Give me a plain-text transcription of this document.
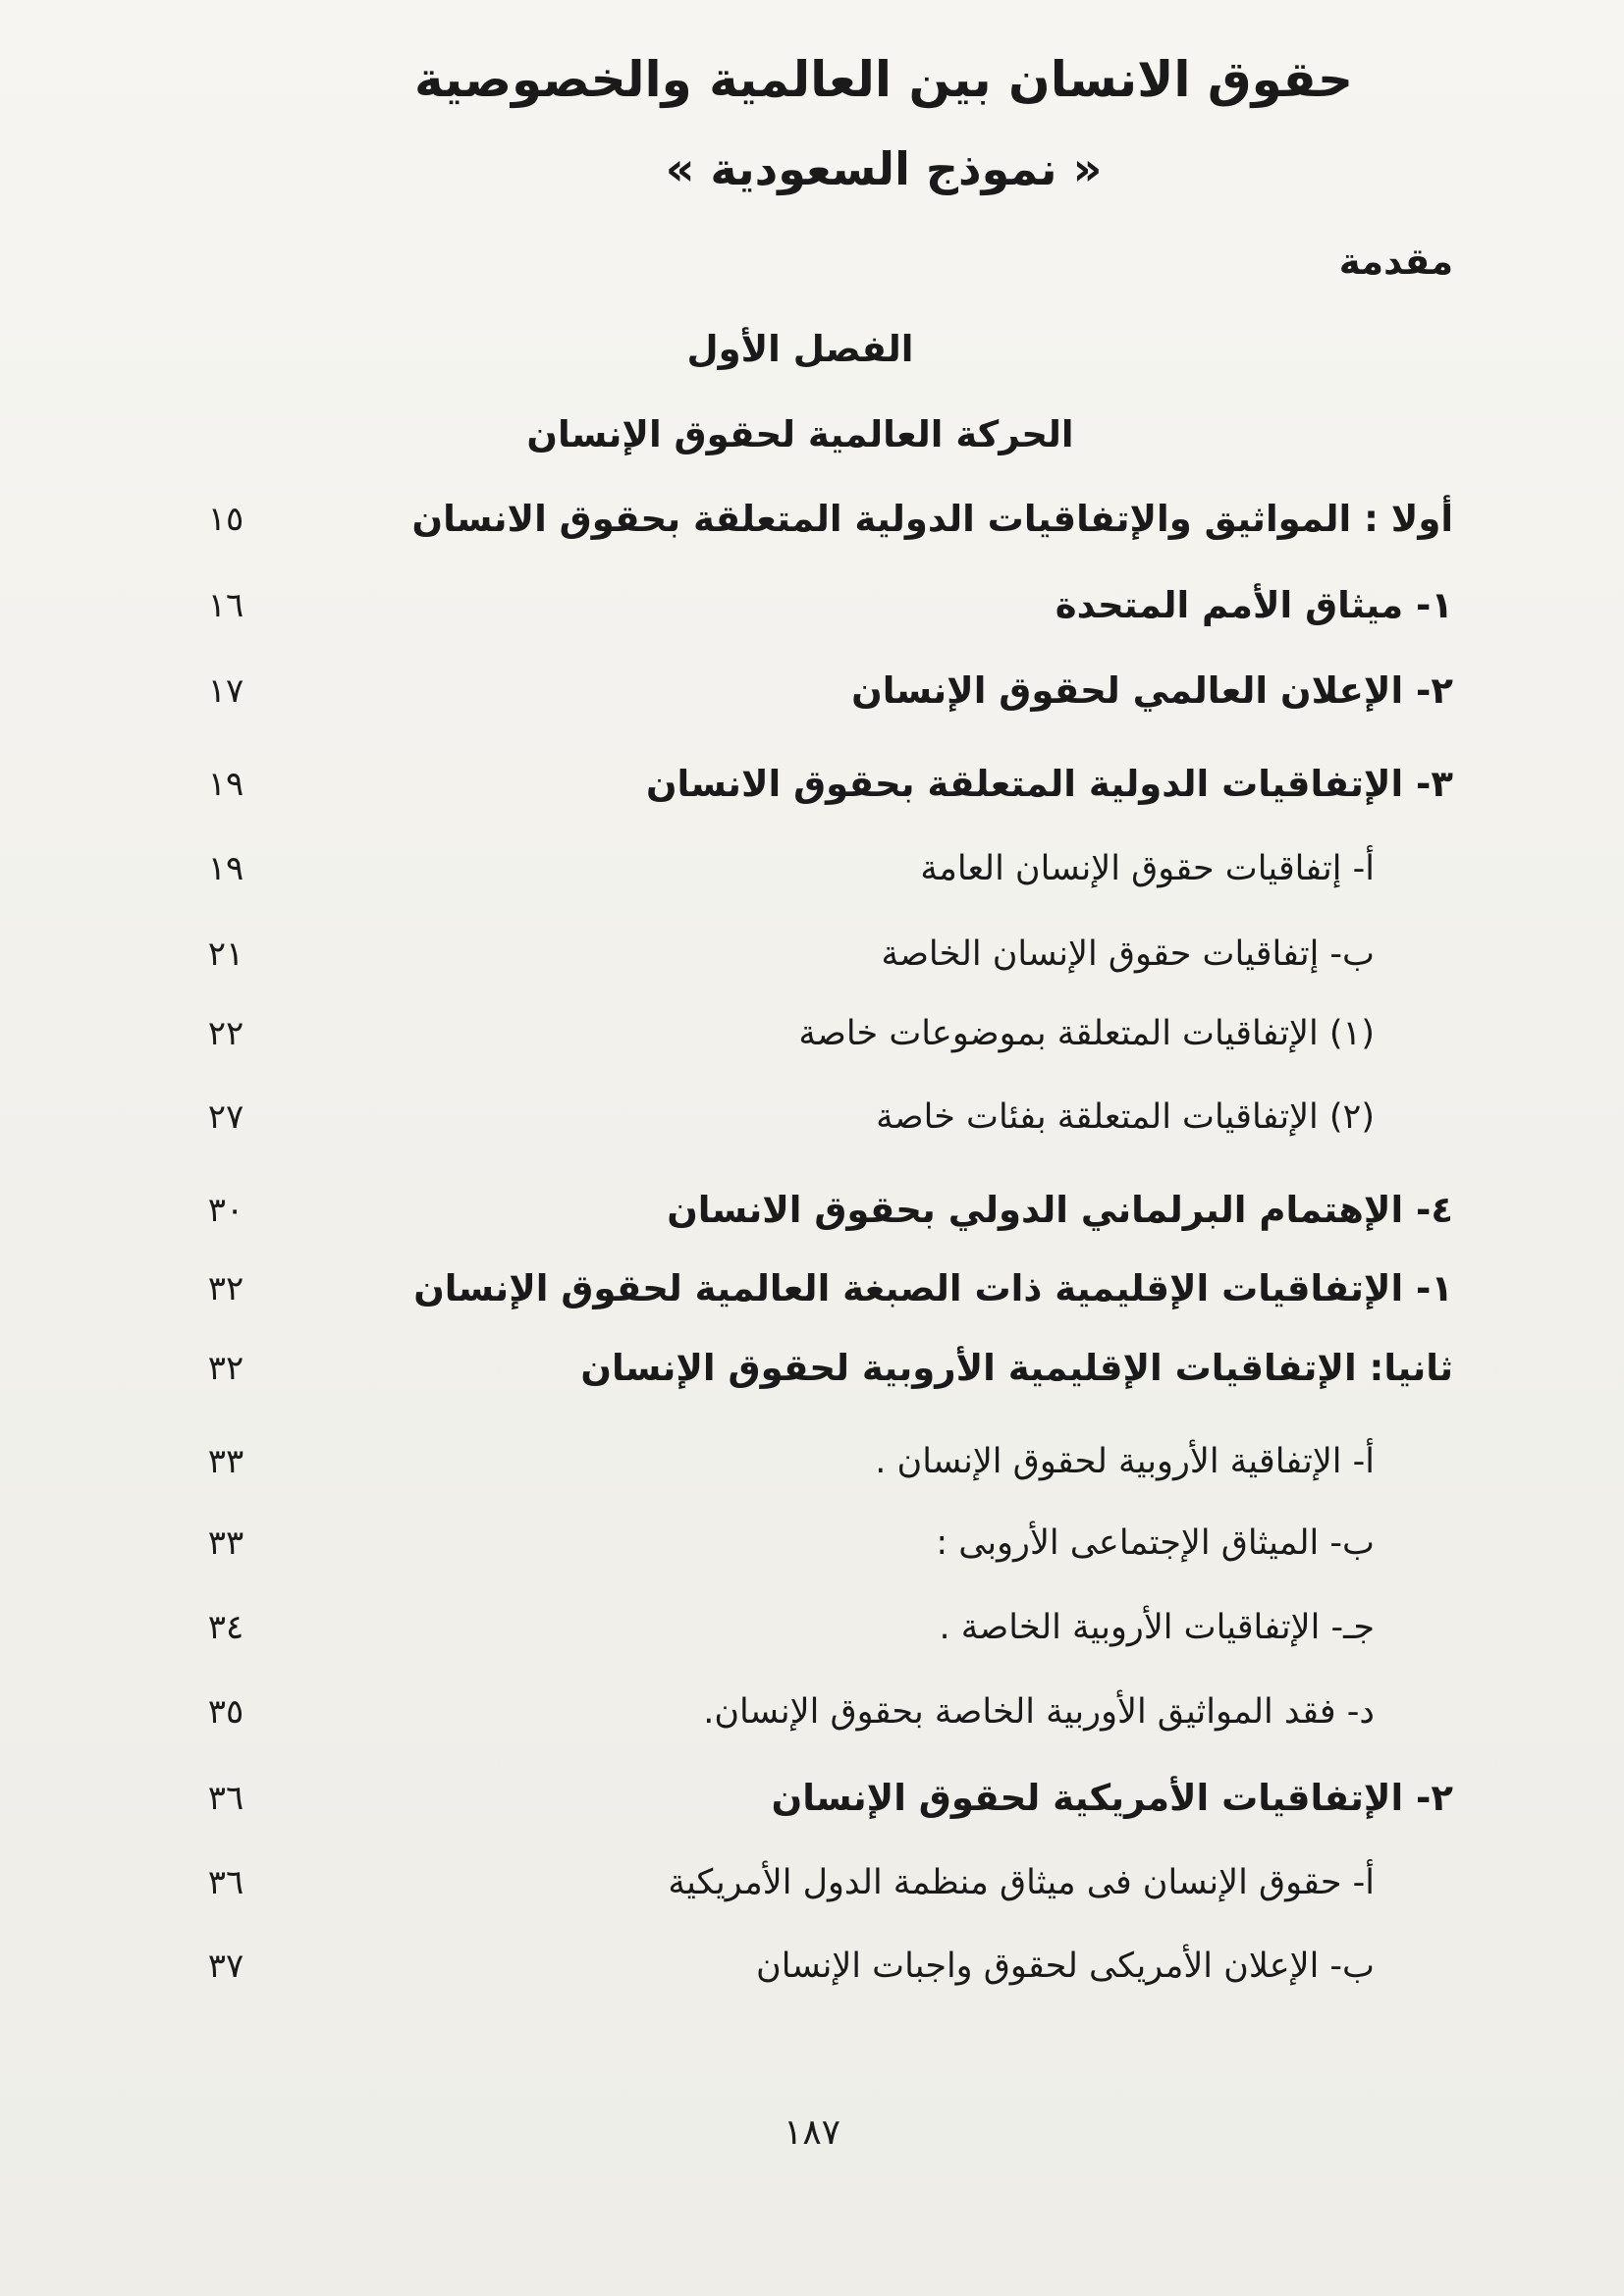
حقوق الانسان بين العالمية والخصوصية
« نموذج السعودية »
مقدمة
الفصل الأول
الحركة العالمية لحقوق الإنسان
أولا : المواثيق والإتفاقيات الدولية المتعلقة بحقوق الانسان
١٥
١- ميثاق الأمم المتحدة
١٦
٢- الإعلان العالمي لحقوق الإنسان
١٧
٣- الإتفاقيات الدولية المتعلقة بحقوق الانسان
١٩
أ- إتفاقيات حقوق الإنسان العامة
١٩
ب- إتفاقيات حقوق الإنسان الخاصة
٢١
(١) الإتفاقيات المتعلقة بموضوعات خاصة
٢٢
(٢) الإتفاقيات المتعلقة بفئات خاصة
٢٧
٤- الإهتمام البرلماني الدولي بحقوق الانسان
٣٠
١- الإتفاقيات الإقليمية ذات الصبغة العالمية لحقوق الإنسان
٣٢
ثانيا: الإتفاقيات الإقليمية الأروبية لحقوق الإنسان
٣٢
أ- الإتفاقية الأروبية لحقوق الإنسان .
٣٣
ب- الميثاق الإجتماعى الأروبى :
٣٣
جـ- الإتفاقيات الأروبية الخاصة .
٣٤
د- فقد المواثيق الأوربية الخاصة بحقوق الإنسان.
٣٥
٢- الإتفاقيات الأمريكية لحقوق الإنسان
٣٦
أ- حقوق الإنسان فى ميثاق منظمة الدول الأمريكية
٣٦
ب- الإعلان الأمريكى لحقوق واجبات الإنسان
٣٧
١٨٧
